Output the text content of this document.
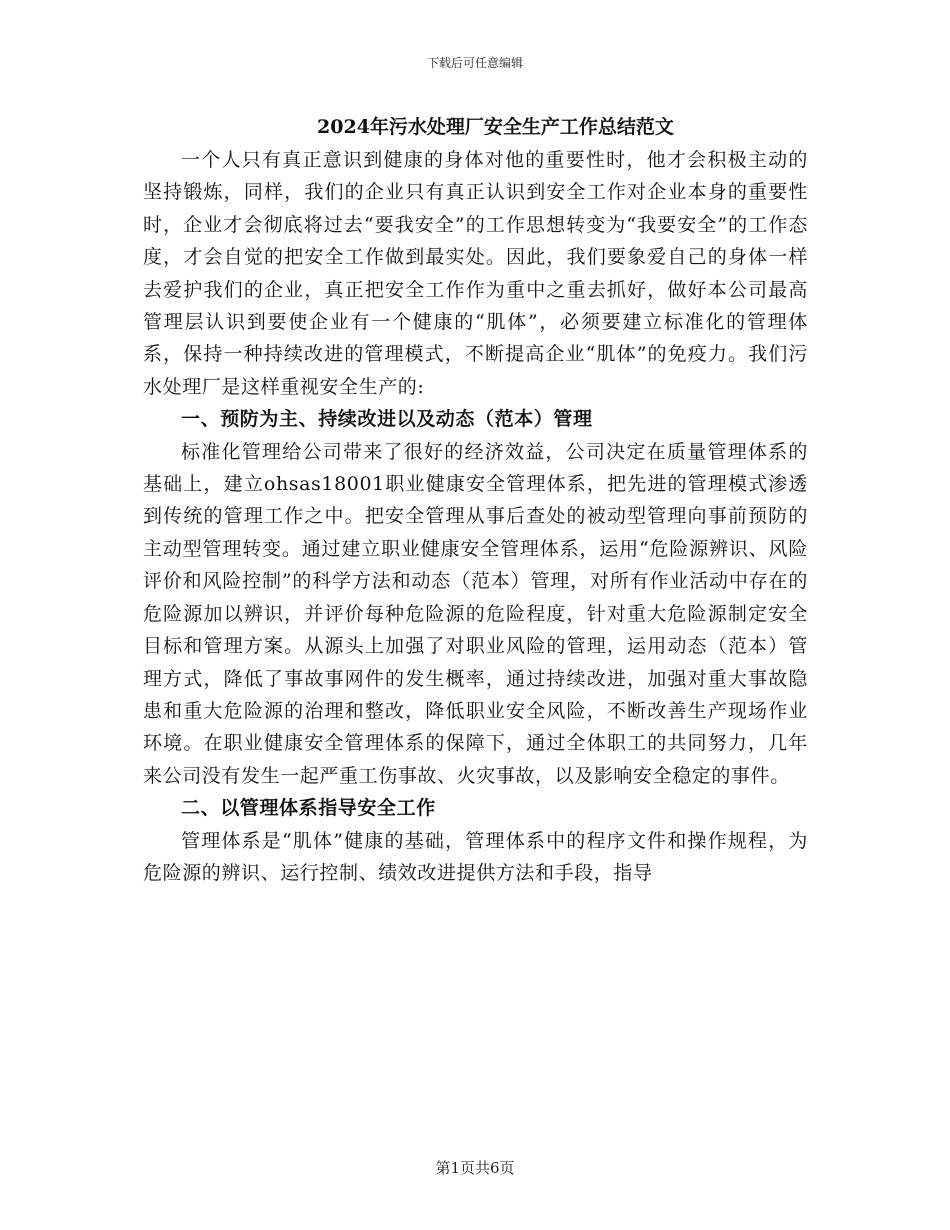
下载后可任意编辑
2024年污水处理厂安全生产工作总结范文

一个人只有真正意识到健康的身体对他的重要性时，他才会积极主动的坚持锻炼，同样，我们的企业只有真正认识到安全工作对企业本身的重要性时，企业才会彻底将过去“要我安全”的工作思想转变为“我要安全”的工作态度，才会自觉的把安全工作做到最实处。因此，我们要象爱自己的身体一样去爱护我们的企业，真正把安全工作作为重中之重去抓好，做好本公司最高管理层认识到要使企业有一个健康的“肌体”，必须要建立标准化的管理体系，保持一种持续改进的管理模式，不断提高企业“肌体”的免疫力。我们污水处理厂是这样重视安全生产的:

一、预防为主、持续改进以及动态（范本）管理

标准化管理给公司带来了很好的经济效益，公司决定在质量管理体系的基础上，建立ohsas18001职业健康安全管理体系，把先进的管理模式渗透到传统的管理工作之中。把安全管理从事后查处的被动型管理向事前预防的主动型管理转变。通过建立职业健康安全管理体系，运用“危险源辨识、风险评价和风险控制”的科学方法和动态（范本）管理，对所有作业活动中存在的危险源加以辨识，并评价每种危险源的危险程度，针对重大危险源制定安全目标和管理方案。从源头上加强了对职业风险的管理，运用动态（范本）管理方式，降低了事故事网件的发生概率，通过持续改进，加强对重大事故隐患和重大危险源的治理和整改，降低职业安全风险，不断改善生产现场作业环境。在职业健康安全管理体系的保障下，通过全体职工的共同努力，几年来公司没有发生一起严重工伤事故、火灾事故，以及影响安全稳定的事件。

二、以管理体系指导安全工作

管理体系是“肌体”健康的基础，管理体系中的程序文件和操作规程，为危险源的辨识、运行控制、绩效改进提供方法和手段，指导

第1页共6页
